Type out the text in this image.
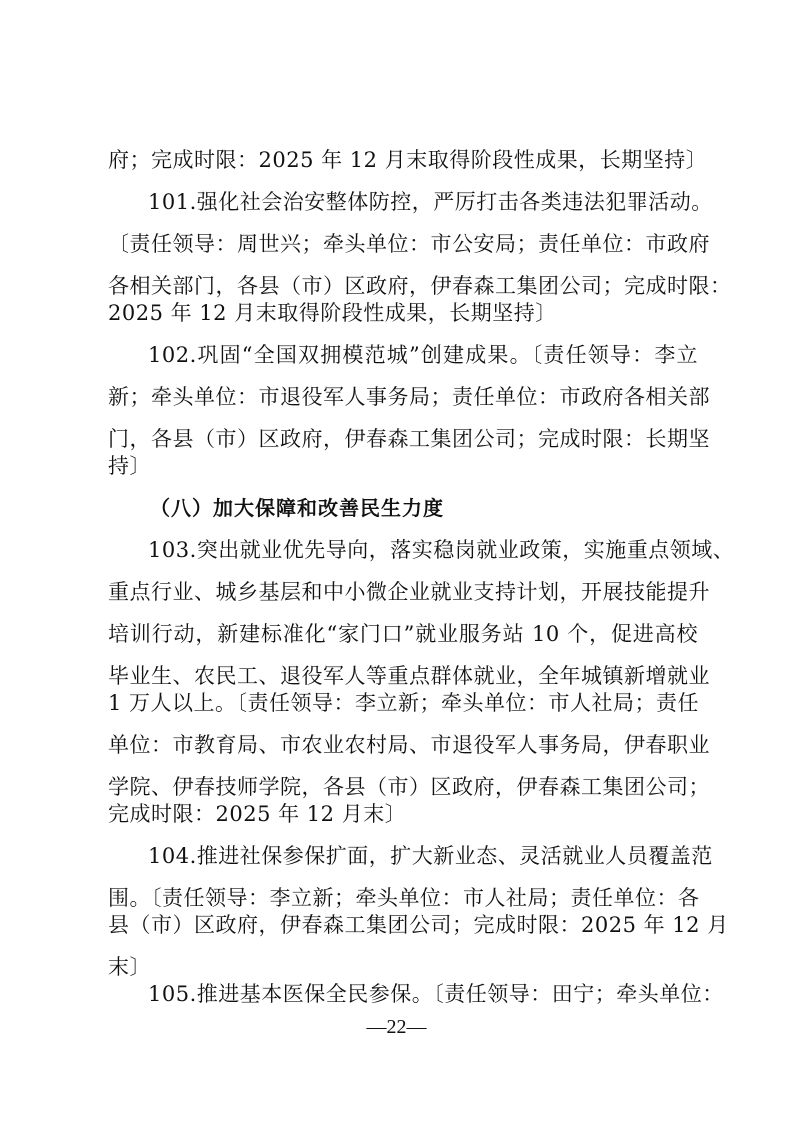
府；完成时限：2025 年 12 月末取得阶段性成果，长期坚持〕
101.强化社会治安整体防控，严厉打击各类违法犯罪活动。
〔责任领导：周世兴；牵头单位：市公安局；责任单位：市政府
各相关部门，各县（市）区政府，伊春森工集团公司；完成时限：
2025 年 12 月末取得阶段性成果，长期坚持〕
102.巩固“全国双拥模范城”创建成果。〔责任领导：李立
新；牵头单位：市退役军人事务局；责任单位：市政府各相关部
门，各县（市）区政府，伊春森工集团公司；完成时限：长期坚
持〕
（八）加大保障和改善民生力度
103.突出就业优先导向，落实稳岗就业政策，实施重点领域、
重点行业、城乡基层和中小微企业就业支持计划，开展技能提升
培训行动，新建标准化“家门口”就业服务站 10 个，促进高校
毕业生、农民工、退役军人等重点群体就业，全年城镇新增就业
1 万人以上。〔责任领导：李立新；牵头单位：市人社局；责任
单位：市教育局、市农业农村局、市退役军人事务局，伊春职业
学院、伊春技师学院，各县（市）区政府，伊春森工集团公司；
完成时限：2025 年 12 月末〕
104.推进社保参保扩面，扩大新业态、灵活就业人员覆盖范
围。〔责任领导：李立新；牵头单位：市人社局；责任单位：各
县（市）区政府，伊春森工集团公司；完成时限：2025 年 12 月
末〕
105.推进基本医保全民参保。〔责任领导：田宁；牵头单位：
—22—
